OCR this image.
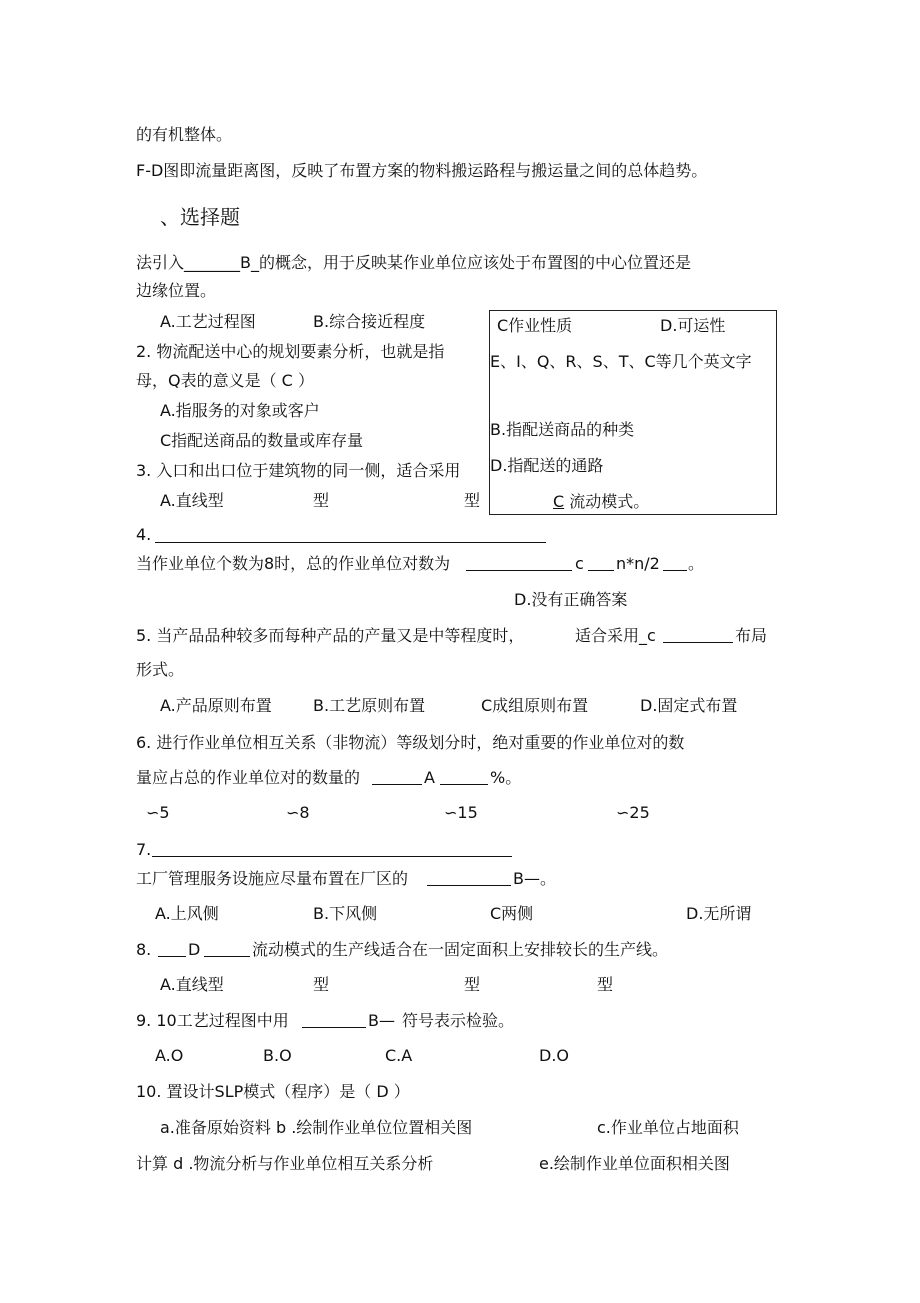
的有机整体。
F-D图即流量距离图，反映了布置方案的物料搬运路程与搬运量之间的总体趋势。
、选择题
法引入_______B_的概念，用于反映某作业单位应该处于布置图的中心位置还是
边缘位置。
A.工艺过程图	B.综合接近程度	C作业性质	D.可运性
E、I、Q、R、S、T、C等几个英文字
B.指配送商品的种类
D.指配送的通路
C 流动模式。
2. 物流配送中心的规划要素分析，也就是指
母，Q表的意义是（ C ）
A.指服务的对象或客户
C指配送商品的数量或库存量
3. 入口和出口位于建筑物的同一侧，适合采用
A.直线型	型	型
4.
当作业单位个数为8时，总的作业单位对数为	c n*n/2 。
D.没有正确答案
5. 当产品品种较多而每种产品的产量又是中等程度时，	适合采用_c	布局
形式。
A.产品原则布置	B.工艺原则布置	C成组原则布置	D.固定式布置
6. 进行作业单位相互关系（非物流）等级划分时，绝对重要的作业单位对的数
量应占总的作业单位对的数量的	A	%。
∽5	∽8	∽15	∽25
7.
工厂管理服务设施应尽量布置在厂区的	B—。
A.上风侧	B.下风侧	C两侧	D.无所谓
8. D	流动模式的生产线适合在一固定面积上安排较长的生产线。
A.直线型	型	型	型
9. 10工艺过程图中用	B— 符号表示检验。
A.O	B.O	C.A	D.O
10. 置设计SLP模式（程序）是（ D ）
a.准备原始资料 b .绘制作业单位位置相关图	c.作业单位占地面积
计算 d .物流分析与作业单位相互关系分析	e.绘制作业单位面积相关图
